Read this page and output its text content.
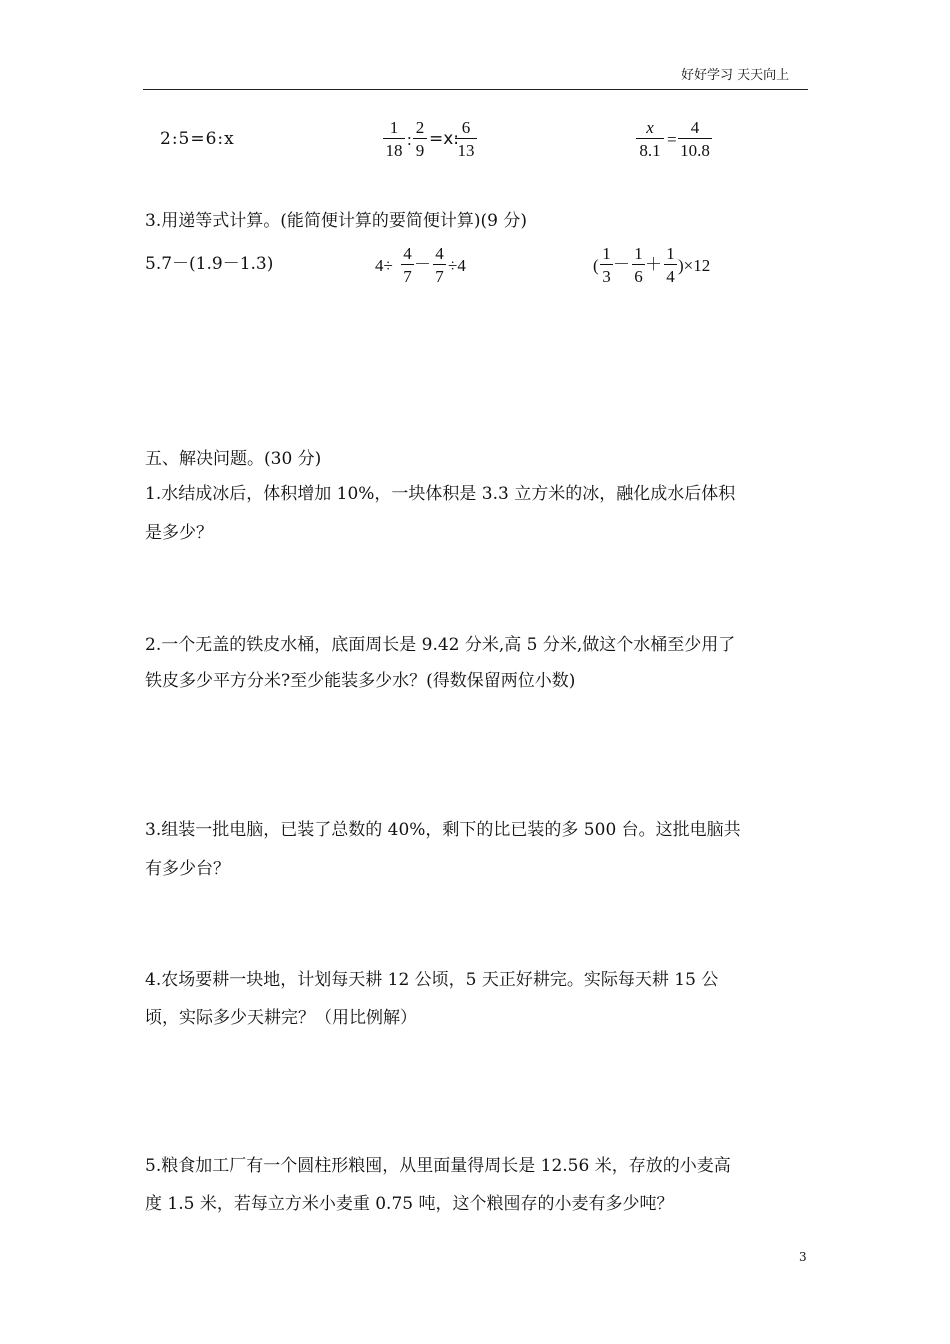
好好学习 天天向上
2:5=6:x
1
18
:
2
9
=x:
6
13
x
8.1
=
4
10.8
3.用递等式计算。(能简便计算的要简便计算)(9 分)
5.7－(1.9－1.3)	4÷
4
7
－
4
7
÷4	(
1
3
－
1
6
＋
1
4
)×12
五、解决问题。(30 分)
1.水结成冰后，体积增加 10%，一块体积是 3.3 立方米的冰，融化成水后体积
是多少？
2.一个无盖的铁皮水桶，底面周长是 9.42 分米,高 5 分米,做这个水桶至少用了
铁皮多少平方分米?至少能装多少水？(得数保留两位小数)
3.组装一批电脑，已装了总数的 40%，剩下的比已装的多 500 台。这批电脑共
有多少台？
4.农场要耕一块地，计划每天耕 12 公顷，5 天正好耕完。实际每天耕 15 公
顷，实际多少天耕完？（用比例解）
5.粮食加工厂有一个圆柱形粮囤，从里面量得周长是 12.56 米，存放的小麦高
度 1.5 米，若每立方米小麦重 0.75 吨，这个粮囤存的小麦有多少吨？
3
